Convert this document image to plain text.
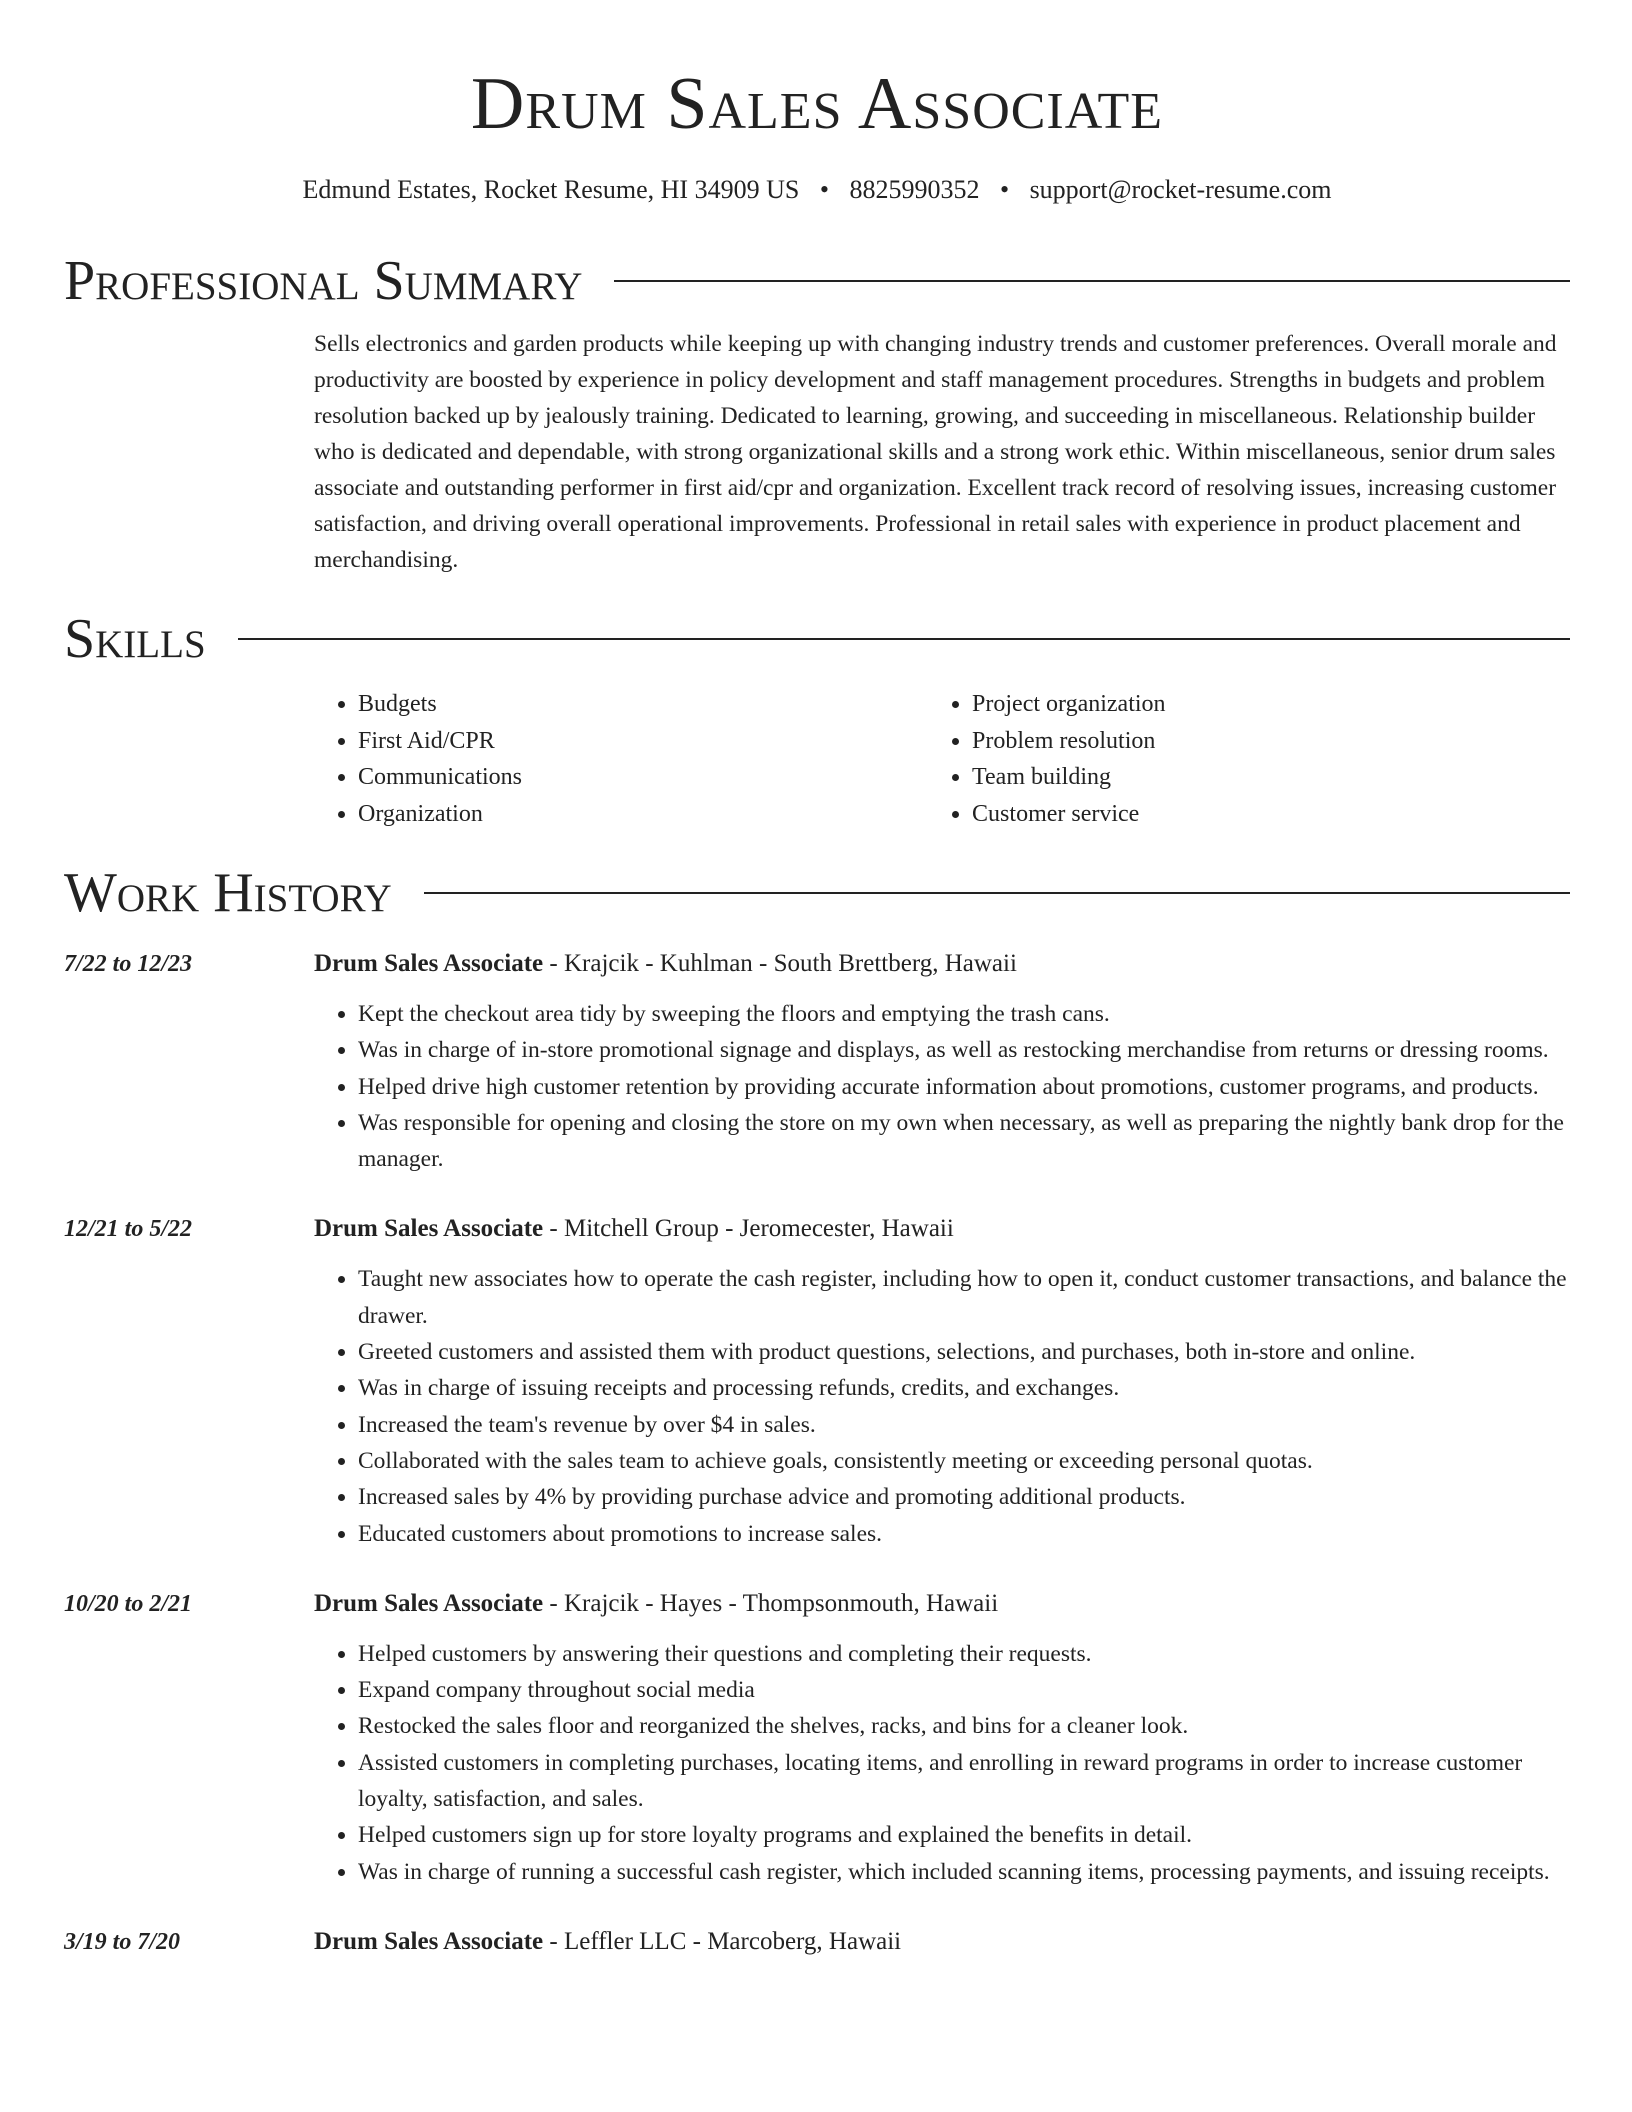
Drum Sales Associate
Edmund Estates, Rocket Resume, HI 34909 US • 8825990352 • support@rocket-resume.com
Professional Summary
Sells electronics and garden products while keeping up with changing industry trends and customer preferences. Overall morale and productivity are boosted by experience in policy development and staff management procedures. Strengths in budgets and problem resolution backed up by jealously training. Dedicated to learning, growing, and succeeding in miscellaneous. Relationship builder who is dedicated and dependable, with strong organizational skills and a strong work ethic. Within miscellaneous, senior drum sales associate and outstanding performer in first aid/cpr and organization. Excellent track record of resolving issues, increasing customer satisfaction, and driving overall operational improvements. Professional in retail sales with experience in product placement and merchandising.
Skills
• Budgets
• First Aid/CPR
• Communications
• Organization
• Project organization
• Problem resolution
• Team building
• Customer service
Work History
7/22 to 12/23	Drum Sales Associate - Krajcik - Kuhlman - South Brettberg, Hawaii
• Kept the checkout area tidy by sweeping the floors and emptying the trash cans.
• Was in charge of in-store promotional signage and displays, as well as restocking merchandise from returns or dressing rooms.
• Helped drive high customer retention by providing accurate information about promotions, customer programs, and products.
• Was responsible for opening and closing the store on my own when necessary, as well as preparing the nightly bank drop for the manager.
12/21 to 5/22	Drum Sales Associate - Mitchell Group - Jeromecester, Hawaii
• Taught new associates how to operate the cash register, including how to open it, conduct customer transactions, and balance the drawer.
• Greeted customers and assisted them with product questions, selections, and purchases, both in-store and online.
• Was in charge of issuing receipts and processing refunds, credits, and exchanges.
• Increased the team's revenue by over $4 in sales.
• Collaborated with the sales team to achieve goals, consistently meeting or exceeding personal quotas.
• Increased sales by 4% by providing purchase advice and promoting additional products.
• Educated customers about promotions to increase sales.
10/20 to 2/21	Drum Sales Associate - Krajcik - Hayes - Thompsonmouth, Hawaii
• Helped customers by answering their questions and completing their requests.
• Expand company throughout social media
• Restocked the sales floor and reorganized the shelves, racks, and bins for a cleaner look.
• Assisted customers in completing purchases, locating items, and enrolling in reward programs in order to increase customer loyalty, satisfaction, and sales.
• Helped customers sign up for store loyalty programs and explained the benefits in detail.
• Was in charge of running a successful cash register, which included scanning items, processing payments, and issuing receipts.
3/19 to 7/20	Drum Sales Associate - Leffler LLC - Marcoberg, Hawaii
